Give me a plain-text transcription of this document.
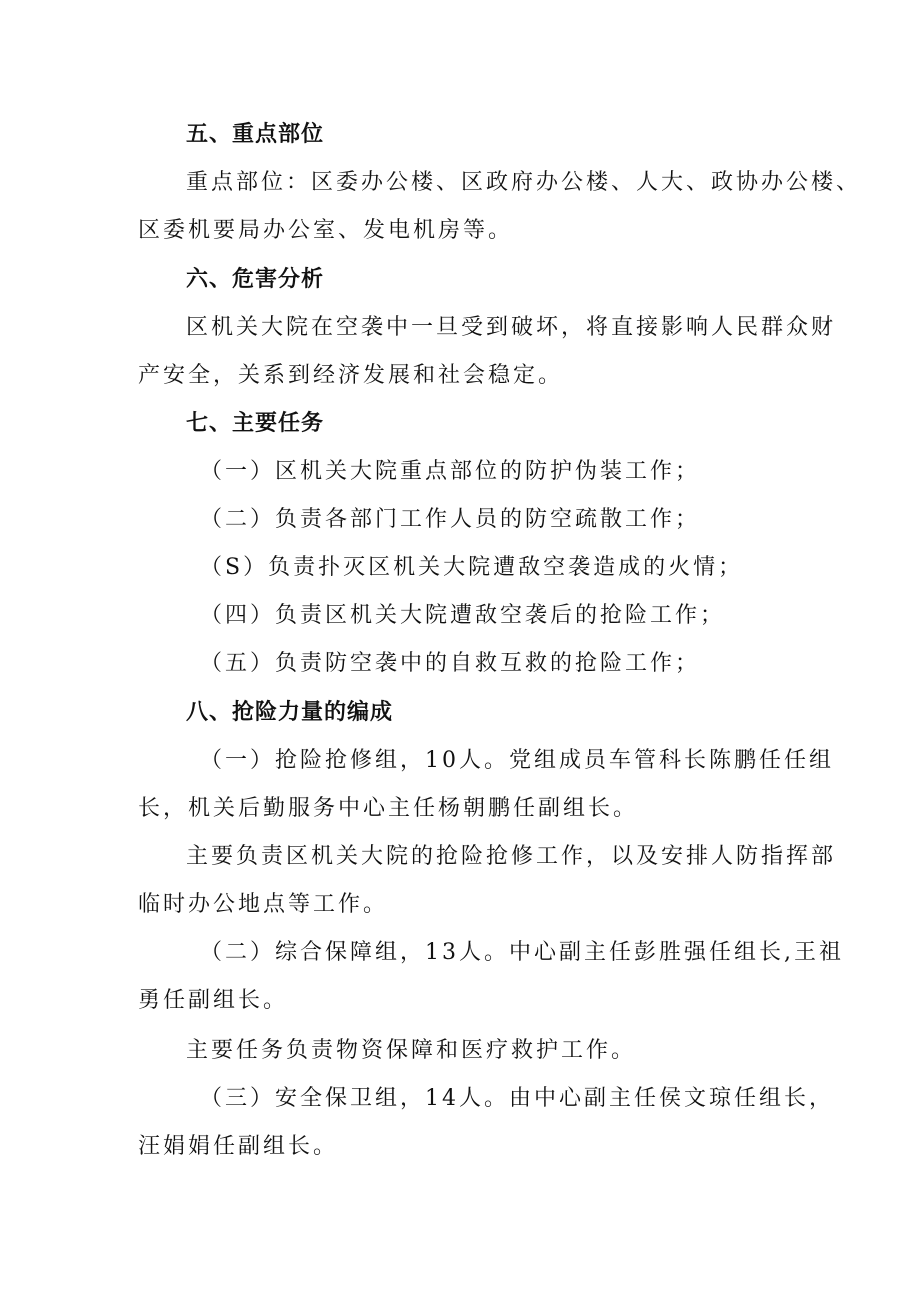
五、重点部位
重点部位：区委办公楼、区政府办公楼、人大、政协办公楼、
区委机要局办公室、发电机房等。
六、危害分析
区机关大院在空袭中一旦受到破坏，将直接影响人民群众财
产安全，关系到经济发展和社会稳定。
七、主要任务
（一）区机关大院重点部位的防护伪装工作；
（二）负责各部门工作人员的防空疏散工作；
（S）负责扑灭区机关大院遭敌空袭造成的火情；
（四）负责区机关大院遭敌空袭后的抢险工作；
（五）负责防空袭中的自救互救的抢险工作；
八、抢险力量的编成
（一）抢险抢修组，10人。党组成员车管科长陈鹏任任组
长，机关后勤服务中心主任杨朝鹏任副组长。
主要负责区机关大院的抢险抢修工作，以及安排人防指挥部
临时办公地点等工作。
（二）综合保障组，13人。中心副主任彭胜强任组长,王祖
勇任副组长。
主要任务负责物资保障和医疗救护工作。
（三）安全保卫组，14人。由中心副主任侯文琼任组长，
汪娟娟任副组长。
